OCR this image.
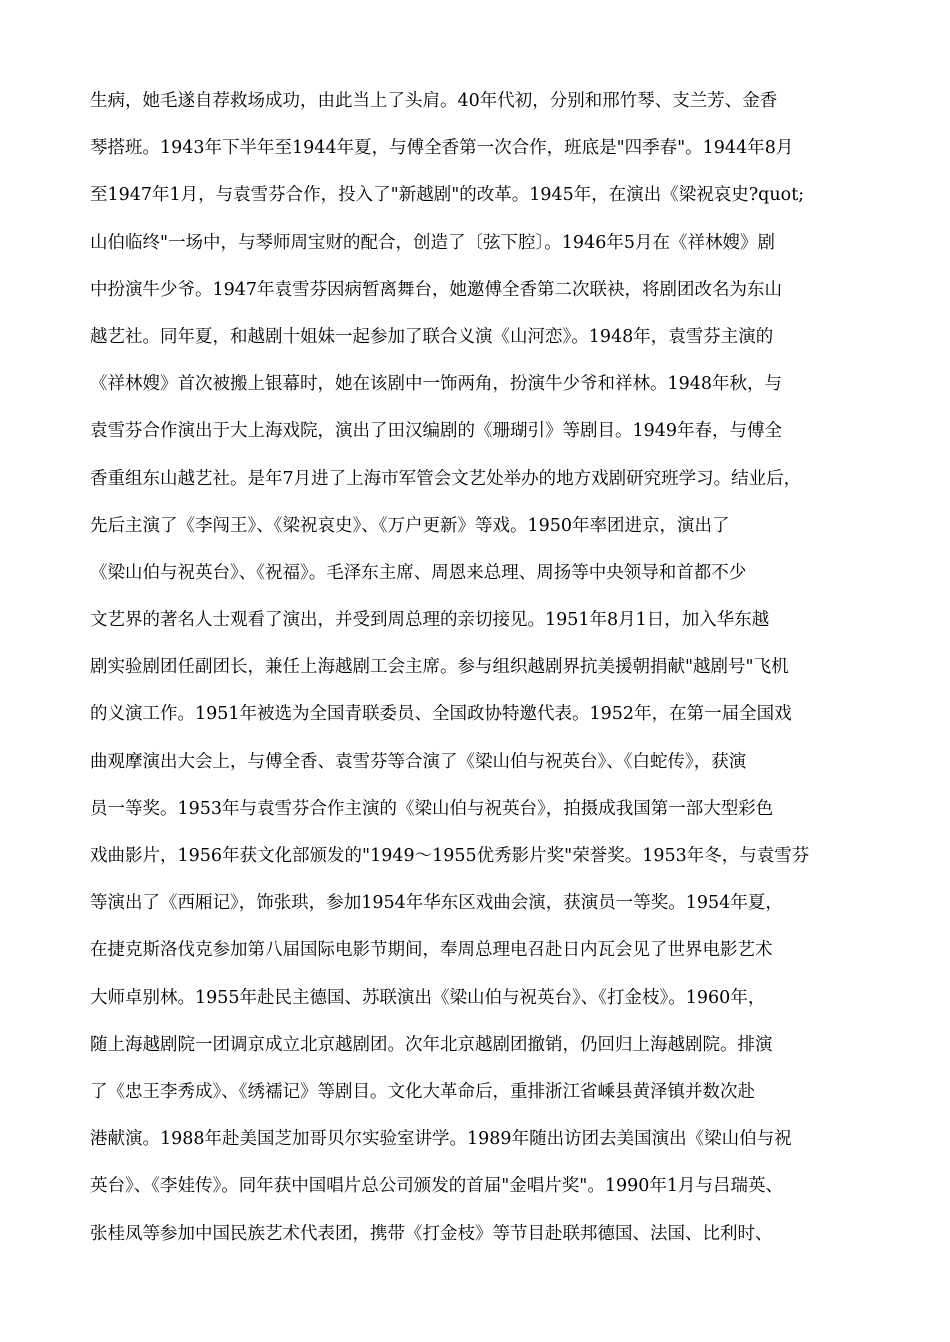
生病，她毛遂自荐救场成功，由此当上了头肩。40年代初，分别和邢竹琴、支兰芳、金香
琴搭班。1943年下半年至1944年夏，与傅全香第一次合作，班底是"四季春"。1944年8月
至1947年1月，与袁雪芬合作，投入了"新越剧"的改革。1945年，在演出《梁祝哀史?quot;
山伯临终"一场中，与琴师周宝财的配合，创造了〔弦下腔〕。1946年5月在《祥林嫂》剧
中扮演牛少爷。1947年袁雪芬因病暂离舞台，她邀傅全香第二次联袂，将剧团改名为东山
越艺社。同年夏，和越剧十姐妹一起参加了联合义演《山河恋》。1948年，袁雪芬主演的
《祥林嫂》首次被搬上银幕时，她在该剧中一饰两角，扮演牛少爷和祥林。1948年秋，与
袁雪芬合作演出于大上海戏院，演出了田汉编剧的《珊瑚引》等剧目。1949年春，与傅全
香重组东山越艺社。是年7月进了上海市军管会文艺处举办的地方戏剧研究班学习。结业后，
先后主演了《李闯王》、《梁祝哀史》、《万户更新》等戏。1950年率团进京，演出了
《梁山伯与祝英台》、《祝福》。毛泽东主席、周恩来总理、周扬等中央领导和首都不少
文艺界的著名人士观看了演出，并受到周总理的亲切接见。1951年8月1日，加入华东越
剧实验剧团任副团长，兼任上海越剧工会主席。参与组织越剧界抗美援朝捐献"越剧号"飞机
的义演工作。1951年被选为全国青联委员、全国政协特邀代表。1952年，在第一届全国戏
曲观摩演出大会上，与傅全香、袁雪芬等合演了《梁山伯与祝英台》、《白蛇传》，获演
员一等奖。1953年与袁雪芬合作主演的《梁山伯与祝英台》，拍摄成我国第一部大型彩色
戏曲影片，1956年获文化部颁发的"1949～1955优秀影片奖"荣誉奖。1953年冬，与袁雪芬
等演出了《西厢记》，饰张珙，参加1954年华东区戏曲会演，获演员一等奖。1954年夏，
在捷克斯洛伐克参加第八届国际电影节期间，奉周总理电召赴日内瓦会见了世界电影艺术
大师卓别林。1955年赴民主德国、苏联演出《梁山伯与祝英台》、《打金枝》。1960年，
随上海越剧院一团调京成立北京越剧团。次年北京越剧团撤销，仍回归上海越剧院。排演
了《忠王李秀成》、《绣襦记》等剧目。文化大革命后，重排浙江省嵊县黄泽镇并数次赴
港献演。1988年赴美国芝加哥贝尔实验室讲学。1989年随出访团去美国演出《梁山伯与祝
英台》、《李娃传》。同年获中国唱片总公司颁发的首届"金唱片奖"。1990年1月与吕瑞英、
张桂凤等参加中国民族艺术代表团，携带《打金枝》等节目赴联邦德国、法国、比利时、
